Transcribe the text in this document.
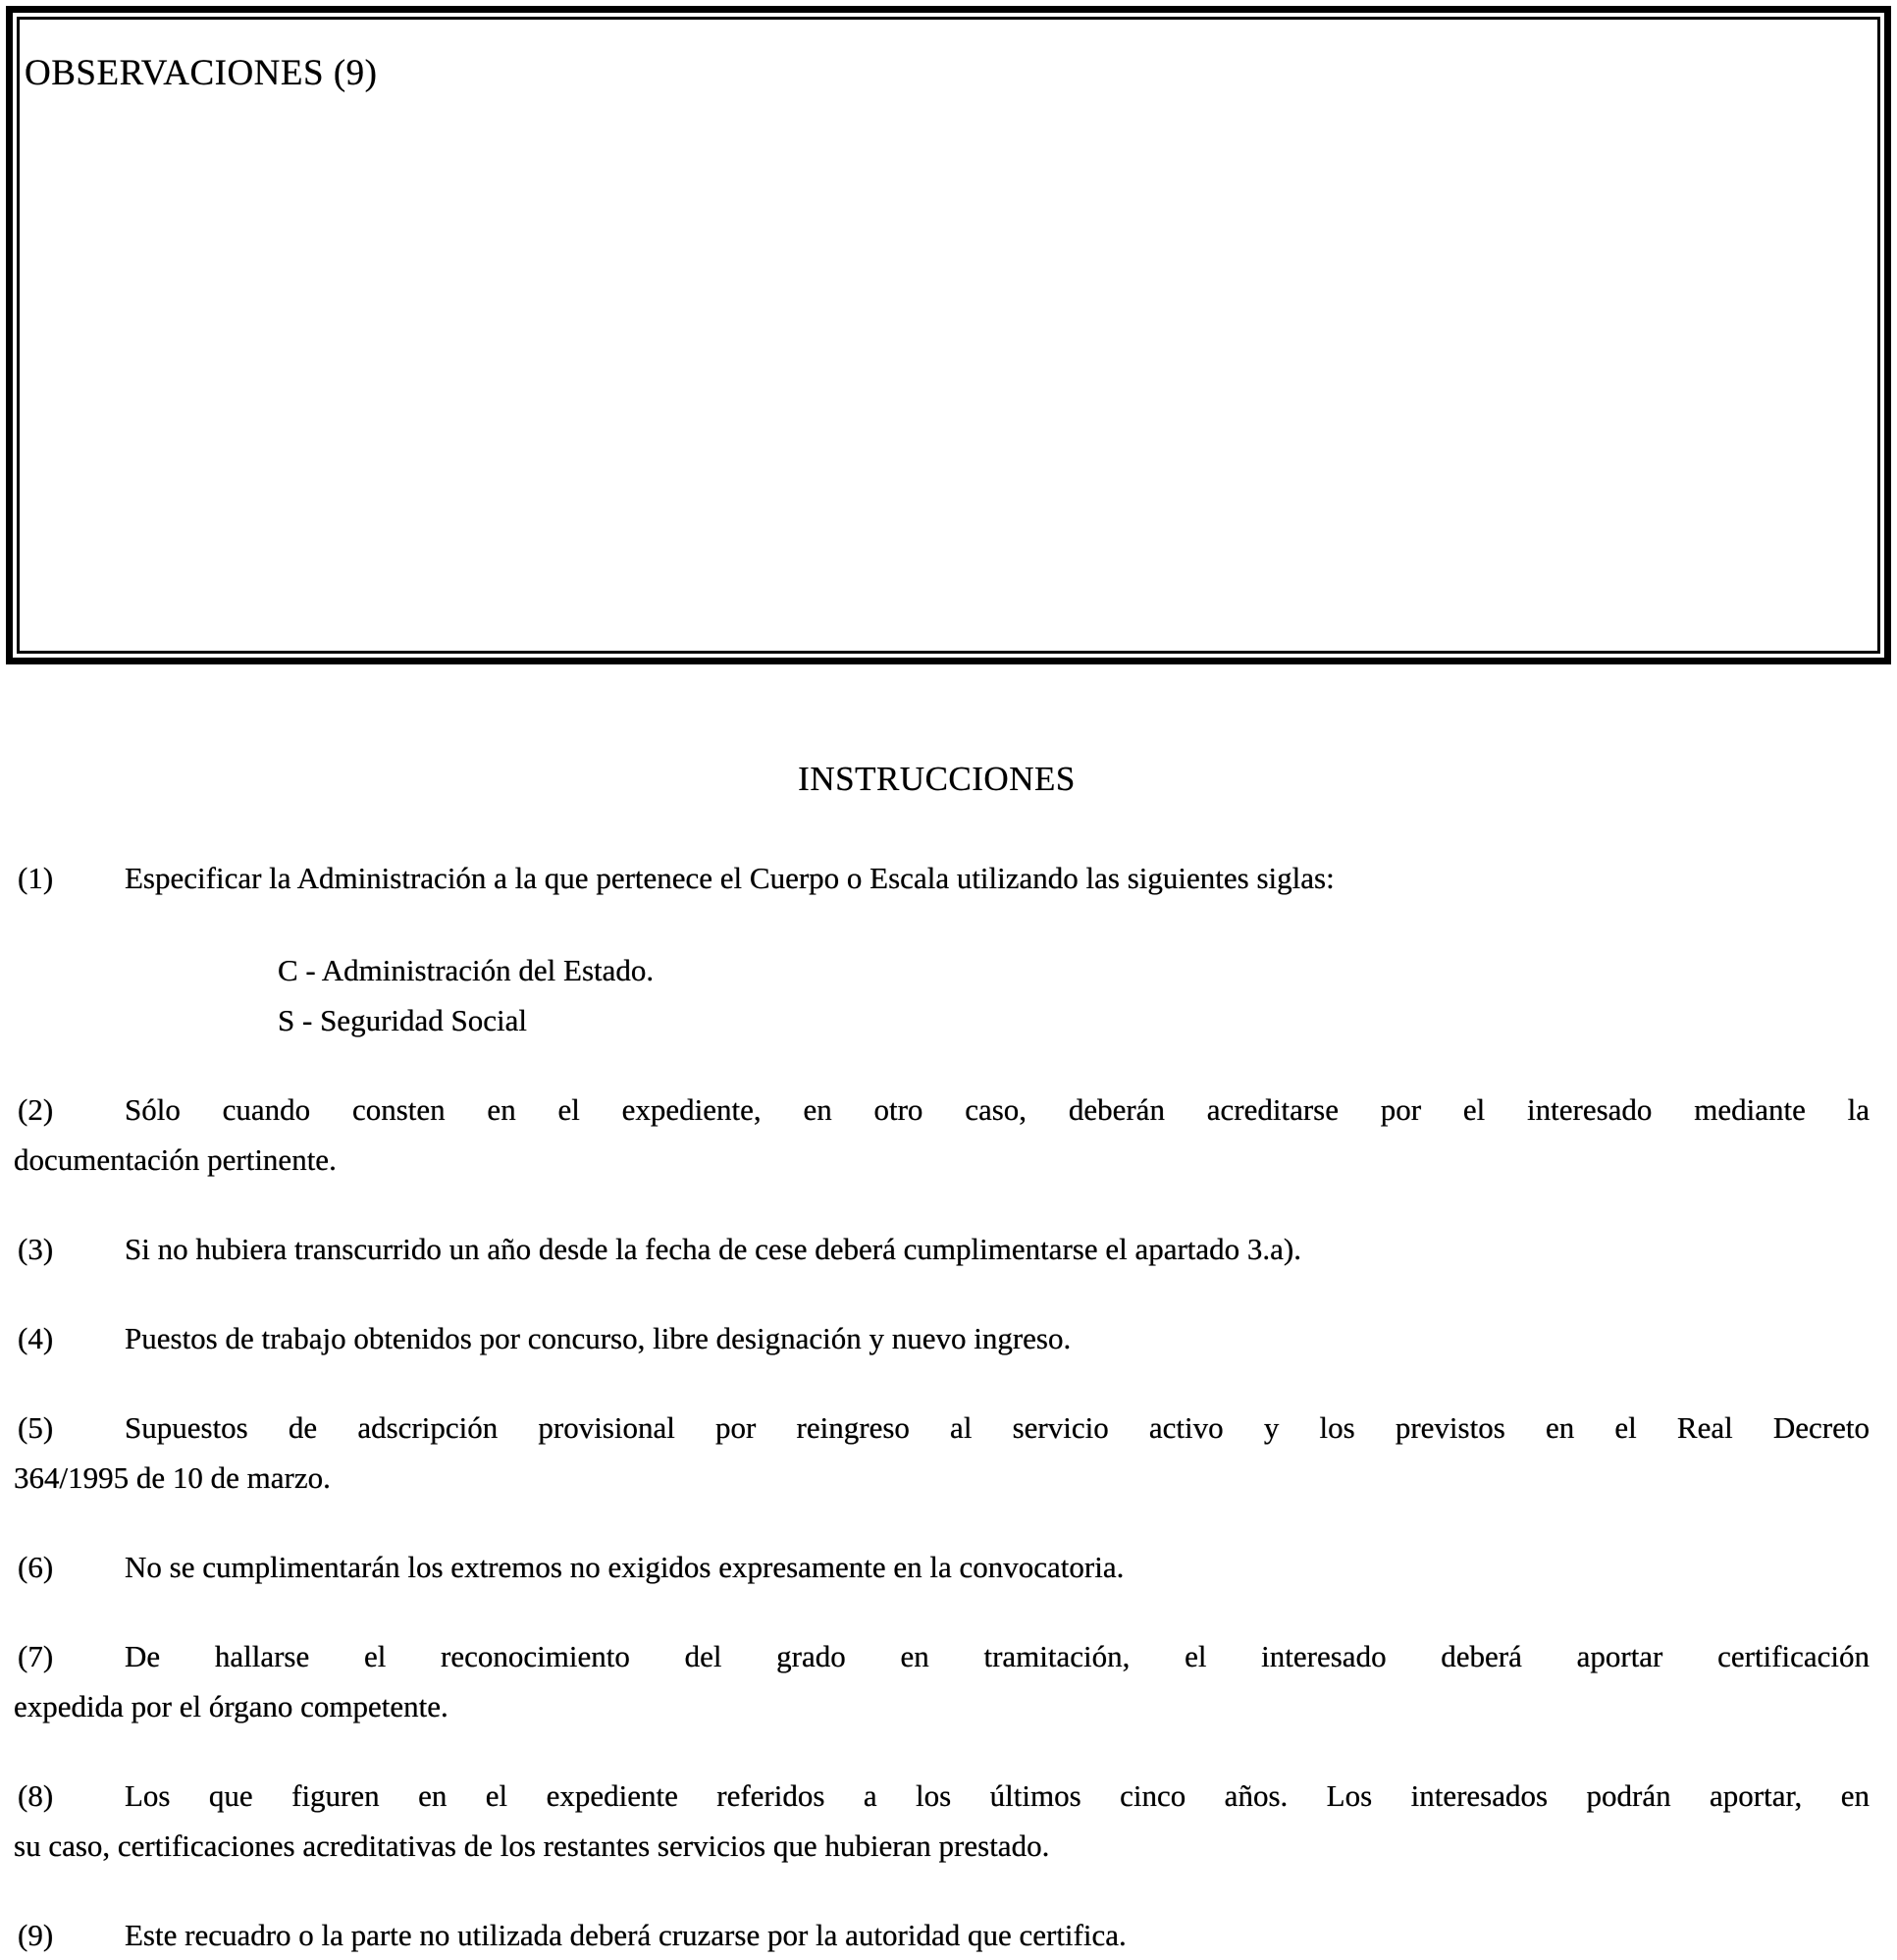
OBSERVACIONES (9)
INSTRUCCIONES
(1)	Especificar la Administración a la que pertenece el Cuerpo o Escala utilizando las siguientes siglas:
C - Administración del Estado.
S - Seguridad Social
(2)	Sólo cuando consten en el expediente, en otro caso, deberán acreditarse por el interesado mediante la
documentación pertinente.
(3)	Si no hubiera transcurrido un año desde la fecha de cese deberá cumplimentarse el apartado 3.a).
(4)	Puestos de trabajo obtenidos por concurso, libre designación y nuevo ingreso.
(5)	Supuestos de adscripción provisional por reingreso al servicio activo y los previstos en el Real Decreto
364/1995 de 10 de marzo.
(6)	No se cumplimentarán los extremos no exigidos expresamente en la convocatoria.
(7)	De hallarse el reconocimiento del grado en tramitación, el interesado deberá aportar certificación
expedida por el órgano competente.
(8)	Los que figuren en el expediente referidos a los últimos cinco años. Los interesados podrán aportar, en
su caso, certificaciones acreditativas de los restantes servicios que hubieran prestado.
(9)	Este recuadro o la parte no utilizada deberá cruzarse por la autoridad que certifica.
